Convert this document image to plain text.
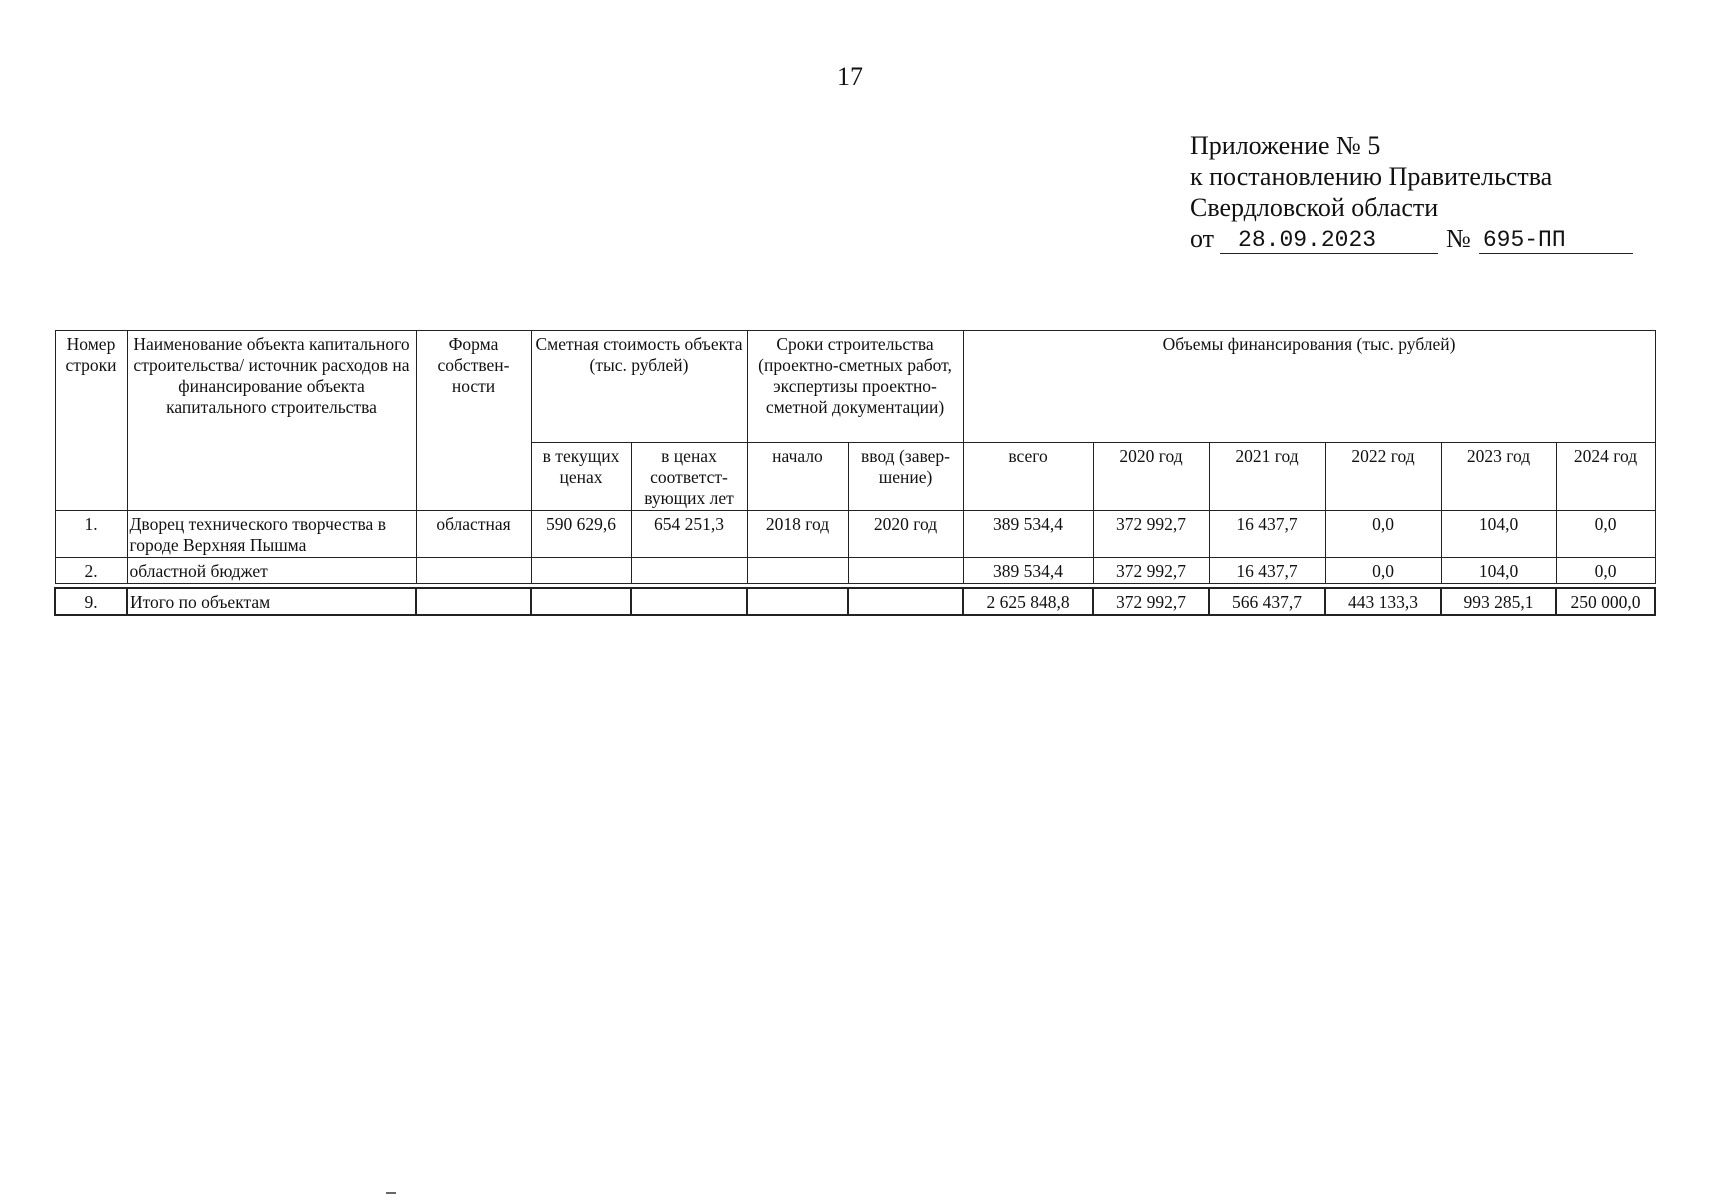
17
Приложение № 5
к постановлению Правительства
Свердловской области
от	28.09.2023	№ 695-ПП
Номер строки	Наименование объекта капитального строительства/ источник расходов на финансирование объекта капитального строительства	Форма собствен-ности	Сметная стоимость объекта (тыс. рублей)		Сроки строительства (проектно-сметных работ, экспертизы проектно-сметной документации)		Объемы финансирования (тыс. рублей)					
			в текущих ценах	в ценах соответст-вующих лет	начало	ввод (завер-шение)	всего	2020 год	2021 год	2022 год	2023 год	2024 год
1.	Дворец технического творчества в городе Верхняя Пышма	областная	590 629,6	654 251,3	2018 год	2020 год	389 534,4	372 992,7	16 437,7	0,0	104,0	0,0
2.	областной бюджет						389 534,4	372 992,7	16 437,7	0,0	104,0	0,0

9.	Итого по объектам						2 625 848,8	372 992,7	566 437,7	443 133,3	993 285,1	250 000,0
